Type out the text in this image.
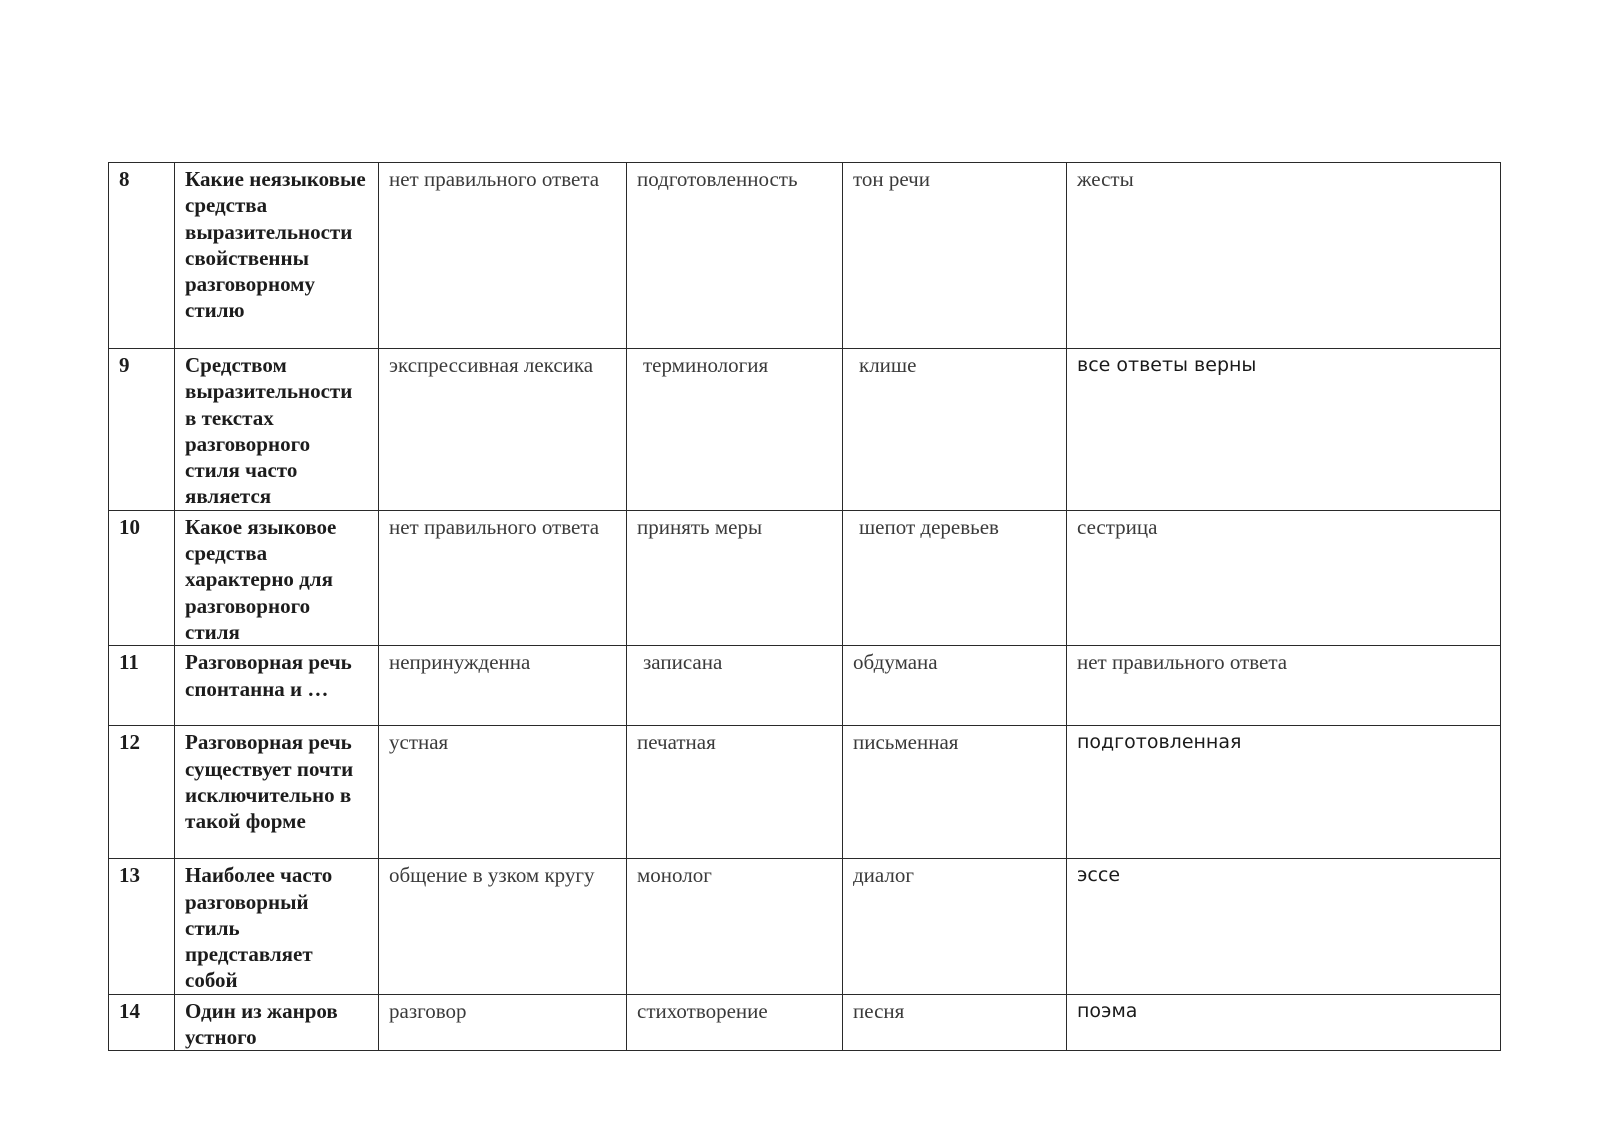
8	Какие неязыковые средства выразительности свойственны разговорному стилю	нет правильного ответа	подготовленность	тон речи	жесты
9	Средством выразительности в текстах разговорного стиля часто является	экспрессивная лексика	терминология	клише	все ответы верны
10	Какое языковое средства характерно для разговорного стиля	нет правильного ответа	принять меры	шепот деревьев	сестрица
11	Разговорная речь спонтанна и …	непринужденна	записана	обдумана	нет правильного ответа
12	Разговорная речь существует почти исключительно в такой форме	устная	печатная	письменная	подготовленная
13	Наиболее часто разговорный стиль представляет собой	общение в узком кругу	монолог	диалог	эссе
14	Один из жанров устного	разговор	стихотворение	песня	поэма
